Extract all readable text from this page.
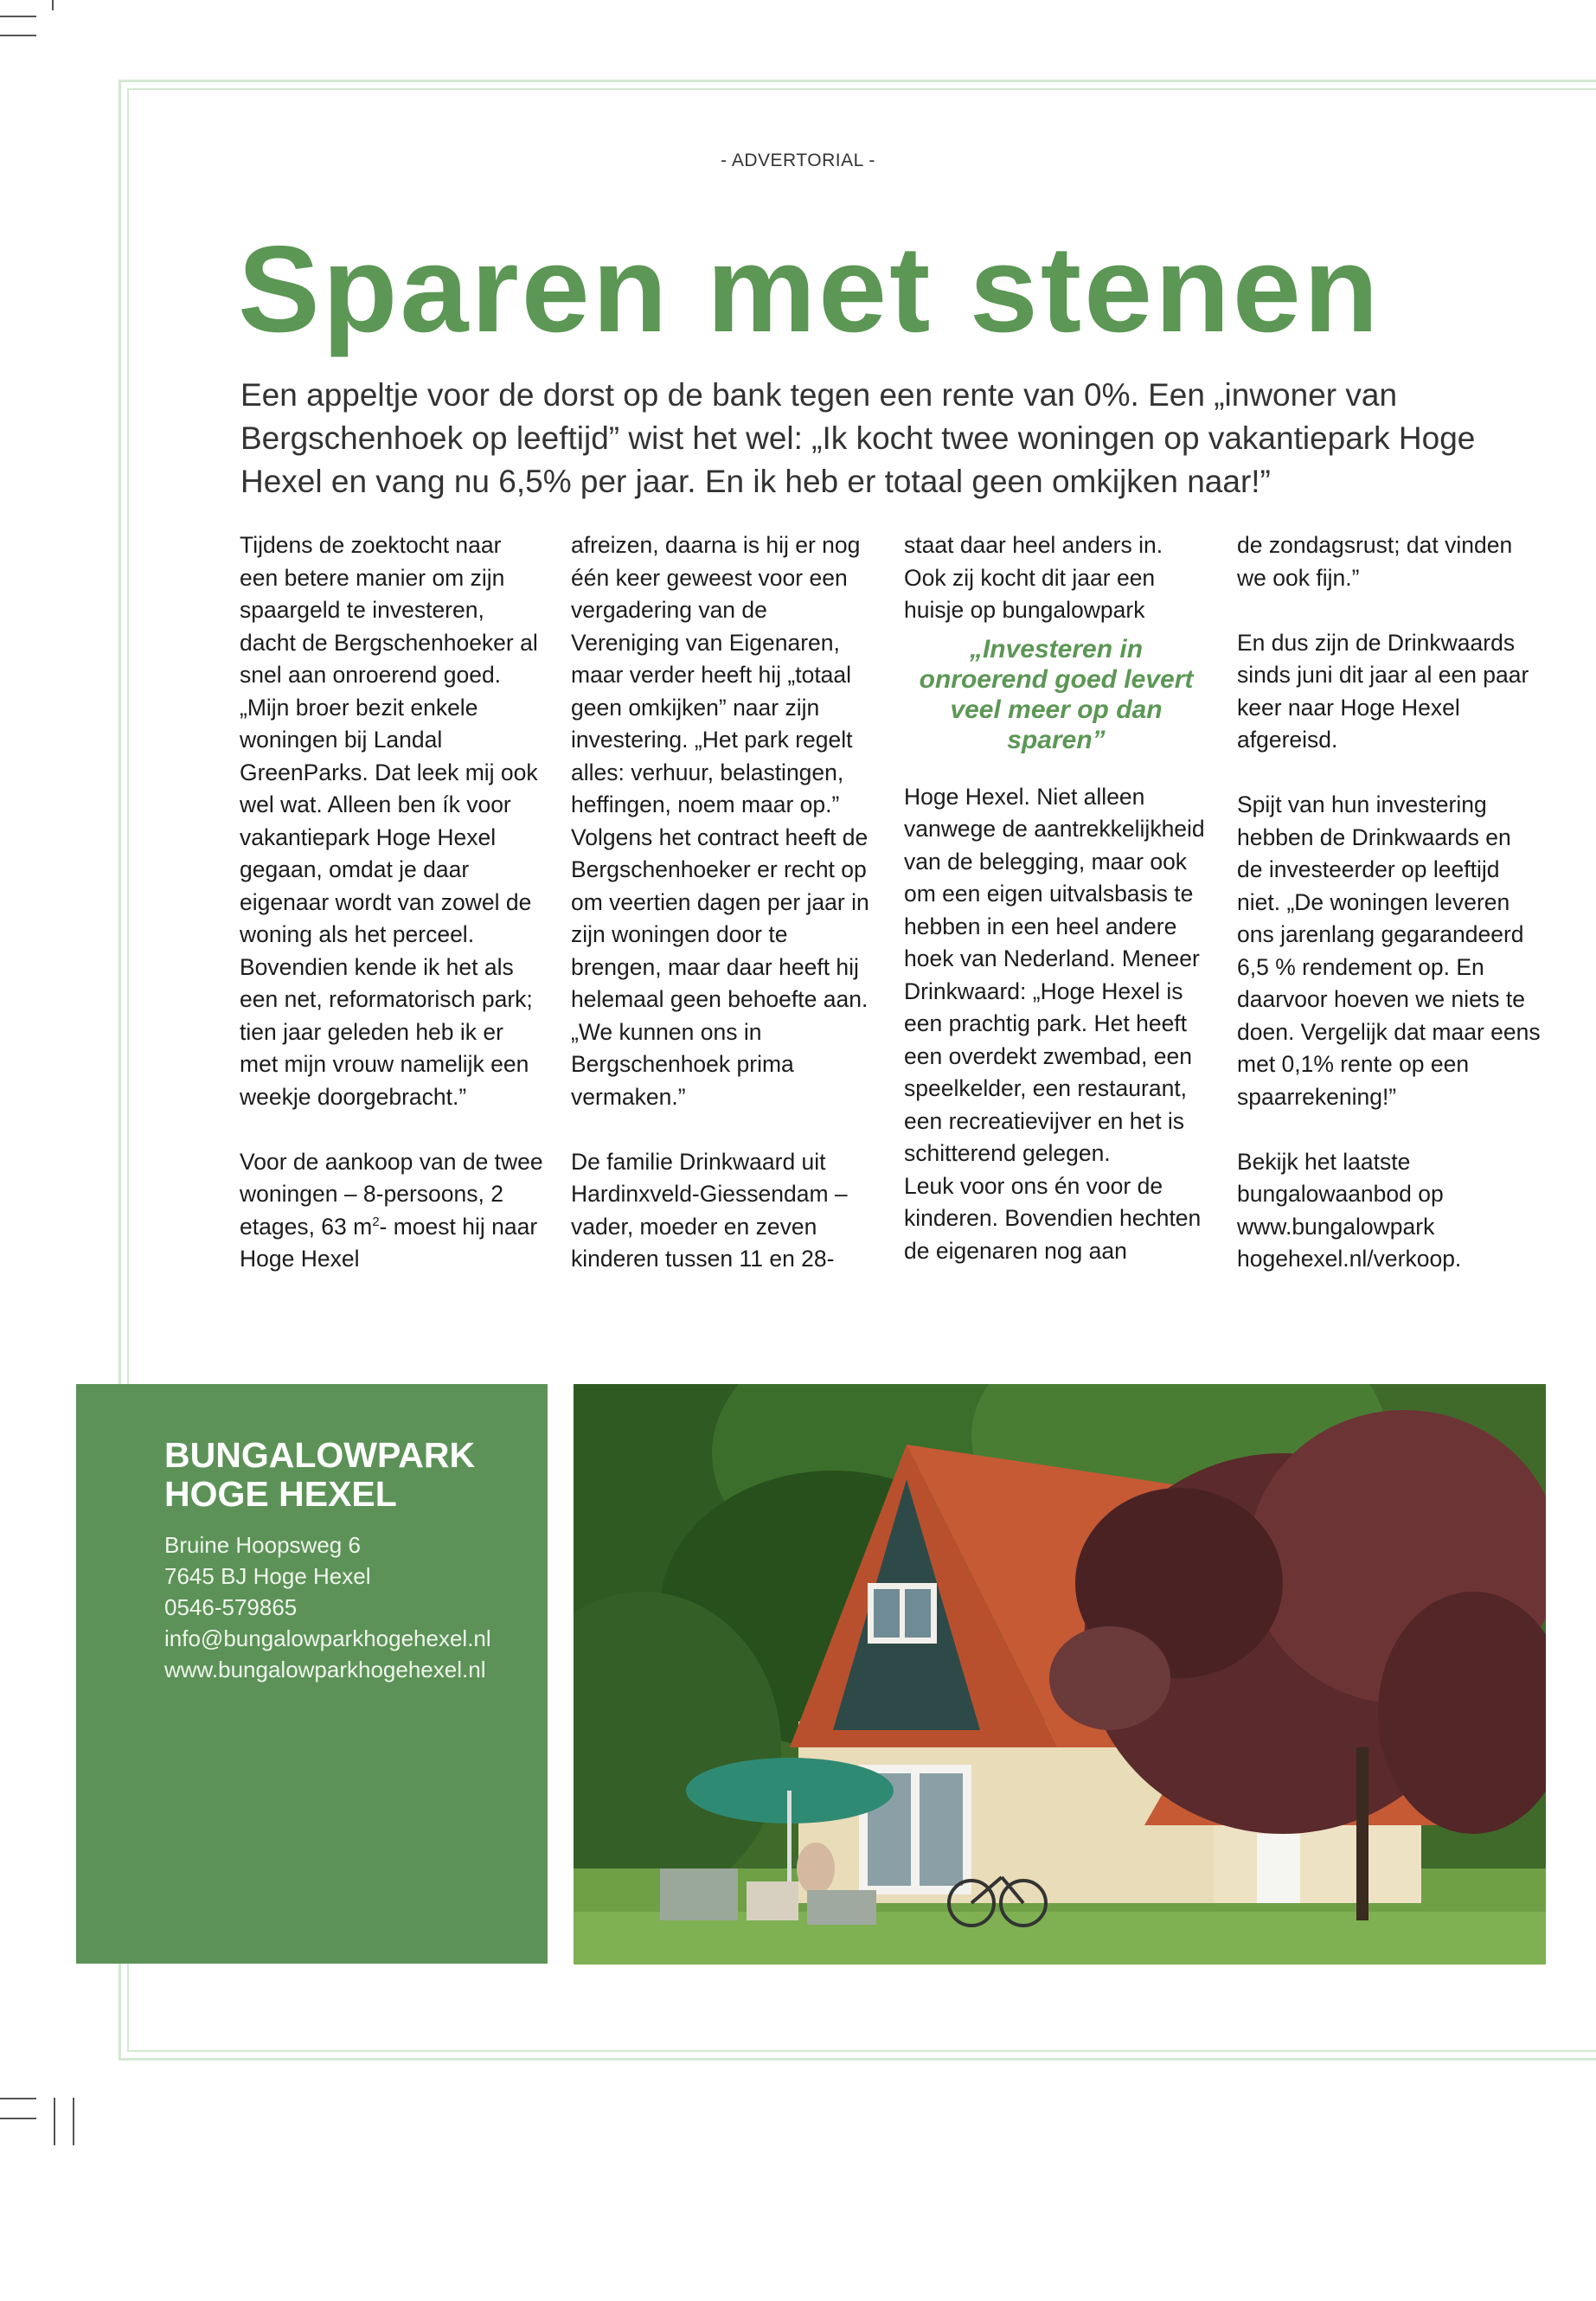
- ADVERTORIAL -
Sparen met stenen

Een appeltje voor de dorst op de bank tegen een rente van 0%. Een „inwoner van Bergschenhoek op leeftijd” wist het wel: „Ik kocht twee woningen op vakantiepark Hoge Hexel en vang nu 6,5% per jaar. En ik heb er totaal geen omkijken naar!”

Tijdens de zoektocht naar een betere manier om zijn spaargeld te investeren, dacht de Bergschenhoeker al snel aan onroerend goed. „Mijn broer bezit enkele woningen bij Landal GreenParks. Dat leek mij ook wel wat. Alleen ben ík voor vakantiepark Hoge Hexel gegaan, omdat je daar eigenaar wordt van zowel de woning als het perceel. Bovendien kende ik het als een net, reformatorisch park; tien jaar geleden heb ik er met mijn vrouw namelijk een weekje doorgebracht.”

Voor de aankoop van de twee woningen – 8-persoons, 2 etages, 63 $m^2-$ moest hij naar Hoge Hexel

afreizen, daarna is hij er nog één keer geweest voor een vergadering van de Vereniging van Eigenaren, maar verder heeft hij „totaal geen omkijken” naar zijn investering. „Het park regelt alles: verhuur, belastingen, heffingen, noem maar op.”

Volgens het contract heeft de Bergschenhoeker er recht op om veertien dagen per jaar in zijn woningen door te brengen, maar daar heeft hij helemaal geen behoefte aan. „We kunnen ons in Bergschenhoek prima vermaken.”

De familie Drinkwaard uit Hardinxveld-Giessendam –vader, moeder en zeven kinderen tussen 11 en 28-

staat daar heel anders in. Ook zij kocht dit jaar een huisje op bungalowpark

„Investeren in onroerend goed levert veel meer op dan sparen”

Hoge Hexel. Niet alleen vanwege de aantrekkelijkheid van de belegging, maar ook om een eigen uitvalsbasis te hebben in een heel andere hoek van Nederland. Meneer Drinkwaard: „Hoge Hexel is een prachtig park. Het heeft een overdekt zwembad, een speelkelder, een restaurant, een recreatievijver en het is schitterend gelegen.

Leuk voor ons én voor de kinderen. Bovendien hechten de eigenaren nog aan

de zondagsrust; dat vinden we ook fijn.”

En dus zijn de Drinkwaards sinds juni dit jaar al een paar keer naar Hoge Hexel afgereisd.

Spijt van hun investering hebben de Drinkwaards en de investeerder op leeftijd niet. „De woningen leveren ons jarenlang gegarandeerd 6,5 % rendement op. En daarvoor hoeven we niets te doen. Vergelijk dat maar eens met 0,1% rente op een spaarrekening!”

Bekijk het laatste bungalowaanbod op www.bungalowpark hogehexel.nl/verkoop.

BUNGALOWPARK
HOGE HEXEL
Bruine Hoopsweg 6
7645 BJ Hoge Hexel
0546-579865
info@bungalowparkhogehexel.nl
www.bungalowparkhogehexel.nl
